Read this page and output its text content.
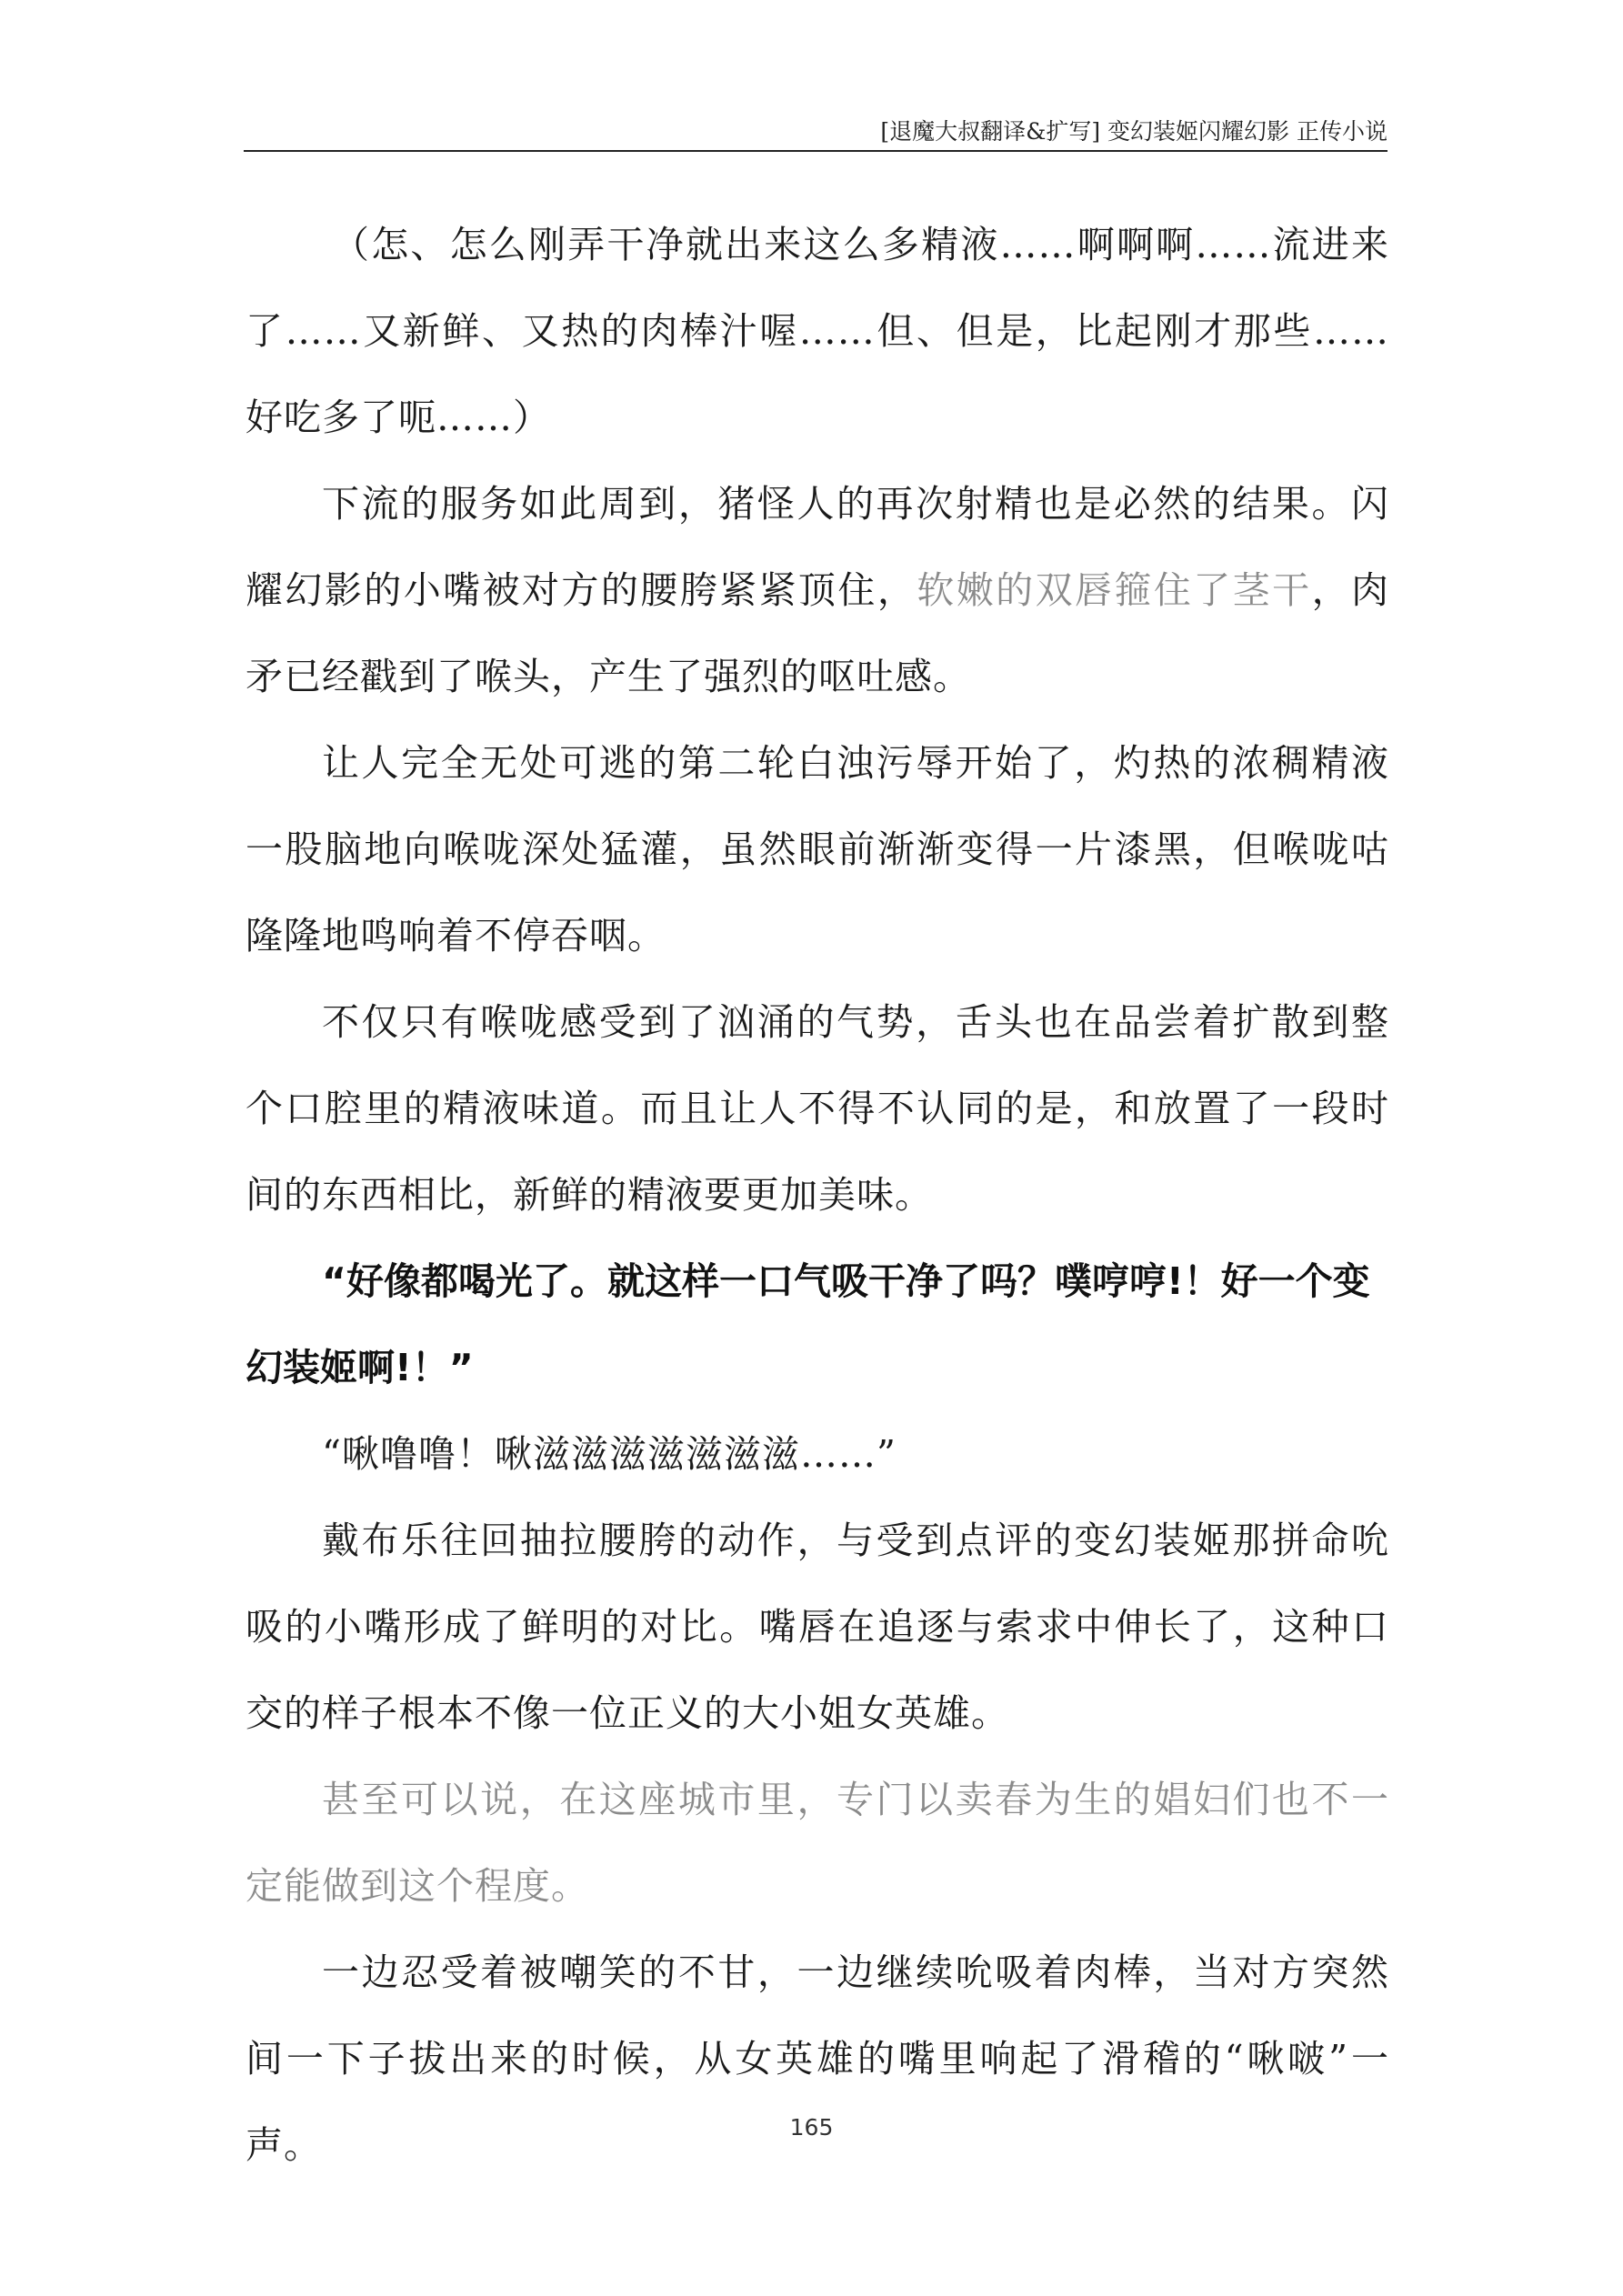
[退魔大叔翻译&扩写] 变幻装姬闪耀幻影 正传小说

（怎、怎么刚弄干净就出来这么多精液……啊啊啊……流进来了……又新鲜、又热的肉棒汁喔……但、但是，比起刚才那些……好吃多了呃……）

下流的服务如此周到，猪怪人的再次射精也是必然的结果。闪耀幻影的小嘴被对方的腰胯紧紧顶住，软嫩的双唇箍住了茎干，肉矛已经戳到了喉头，产生了强烈的呕吐感。

让人完全无处可逃的第二轮白浊污辱开始了，灼热的浓稠精液一股脑地向喉咙深处猛灌，虽然眼前渐渐变得一片漆黑，但喉咙咕隆隆地鸣响着不停吞咽。

不仅只有喉咙感受到了汹涌的气势，舌头也在品尝着扩散到整个口腔里的精液味道。而且让人不得不认同的是，和放置了一段时间的东西相比，新鲜的精液要更加美味。

“好像都喝光了。就这样一口气吸干净了吗？噗哼哼!！好一个变幻装姬啊!！”

“啾噜噜！啾滋滋滋滋滋滋滋……”

戴布乐往回抽拉腰胯的动作，与受到点评的变幻装姬那拼命吮吸的小嘴形成了鲜明的对比。嘴唇在追逐与索求中伸长了，这种口交的样子根本不像一位正义的大小姐女英雄。

甚至可以说，在这座城市里，专门以卖春为生的娼妇们也不一定能做到这个程度。

一边忍受着被嘲笑的不甘，一边继续吮吸着肉棒，当对方突然间一下子拔出来的时候，从女英雄的嘴里响起了滑稽的“啾啵”一声。	165
